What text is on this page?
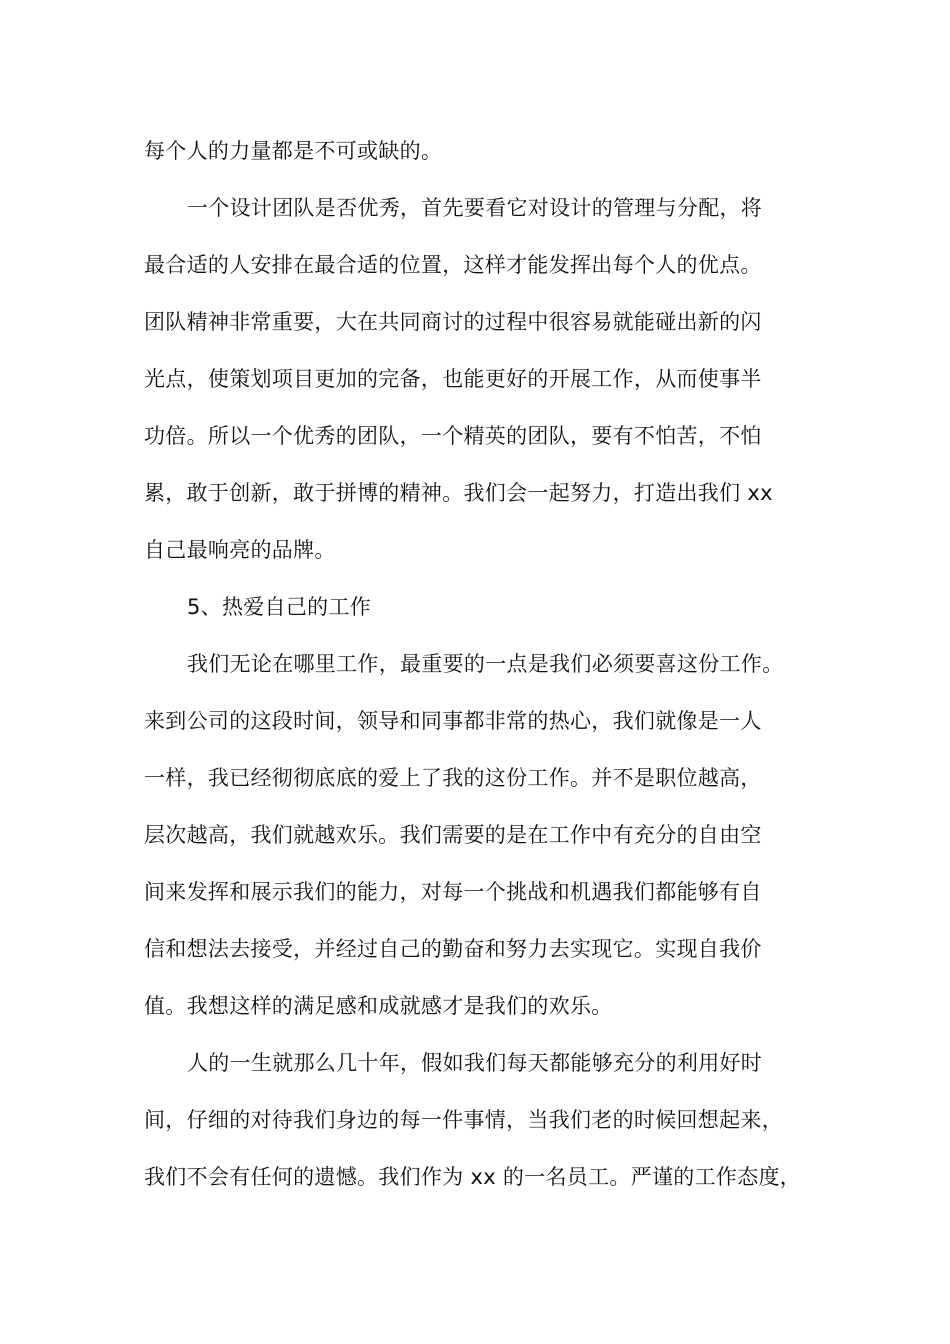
每个人的力量都是不可或缺的。
一个设计团队是否优秀，首先要看它对设计的管理与分配，将
最合适的人安排在最合适的位置，这样才能发挥出每个人的优点。
团队精神非常重要，大在共同商讨的过程中很容易就能碰出新的闪
光点，使策划项目更加的完备，也能更好的开展工作，从而使事半
功倍。所以一个优秀的团队，一个精英的团队，要有不怕苦，不怕
累，敢于创新，敢于拼博的精神。我们会一起努力，打造出我们 xx
自己最响亮的品牌。
5、热爱自己的工作
我们无论在哪里工作，最重要的一点是我们必须要喜这份工作。
来到公司的这段时间，领导和同事都非常的热心，我们就像是一人
一样，我已经彻彻底底的爱上了我的这份工作。并不是职位越高，
层次越高，我们就越欢乐。我们需要的是在工作中有充分的自由空
间来发挥和展示我们的能力，对每一个挑战和机遇我们都能够有自
信和想法去接受，并经过自己的勤奋和努力去实现它。实现自我价
值。我想这样的满足感和成就感才是我们的欢乐。
人的一生就那么几十年，假如我们每天都能够充分的利用好时
间，仔细的对待我们身边的每一件事情，当我们老的时候回想起来，
我们不会有任何的遗憾。我们作为 xx 的一名员工。严谨的工作态度，
